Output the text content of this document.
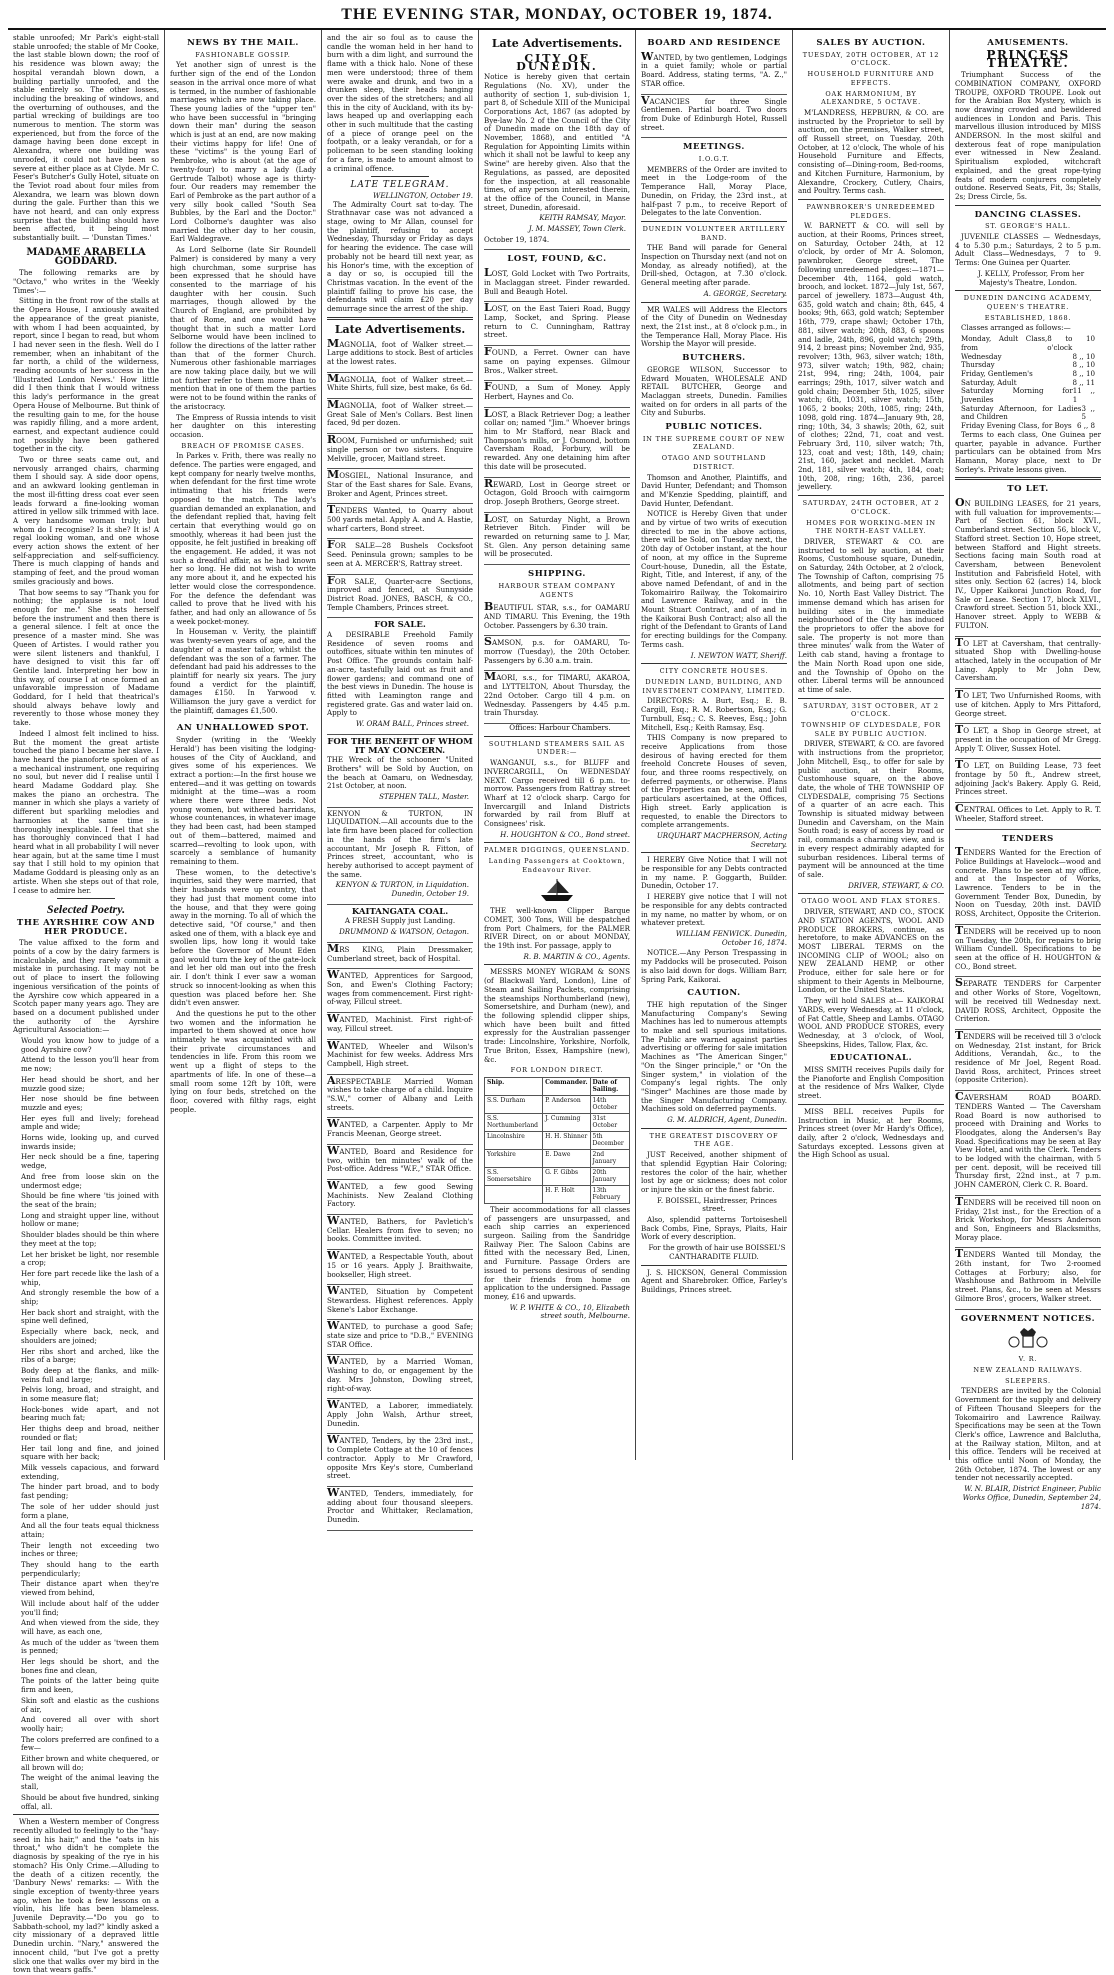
THE EVENING STAR, MONDAY, OCTOBER 19, 1874.

stable unroofed; Mr Park's eight-stall stable unroofed; the stable of Mr Cooke, the last stable blown down; the roof of his residence was blown away; the hospital verandah blown down, a building partially unroofed, and the stable entirely so. The other losses, including the breaking of windows, and the overturning of outhouses, and the partial wrecking of buildings are too numerous to mention. The storm was experienced, but from the force of the damage having been done except in Alexandra, where one building was unroofed, it could not have been so severe at either place as at Clyde. Mr C. Feser's Butcher's Gully Hotel, situate on the Teviot road about four miles from Alexandra, we learn was blown down during the gale. Further than this we have not heard, and can only express surprise that the building should have been affected, it being most substantially built. — 'Dunstan Times.'

MADAME ARABELLA GODDARD.

The following remarks are by "Octavo," who writes in the 'Weekly Times':—

Sitting in the front row of the stalls at the Opera House, I anxiously awaited the appearance of the great pianiste, with whom I had been acquainted, by report, since I began to read, but whom I had never seen in the flesh. Well do I remember, when an inhabitant of the far north, a child of the wilderness, reading accounts of her success in the 'Illustrated London News.' How little did I then think that I would witness this lady's performance in the great Opera House of Melbourne. But think of the resulting gain to me, for the house was rapidly filling, and a more ardent, earnest, and expectant audience could not possibly have been gathered together in the city.

Two or three seats came out, and nervously arranged chairs, charming them I should say. A side door opens, and an awkward looking gentleman in the most ill-fitting dress coat ever seen leads forward a fine-looking woman attired in yellow silk trimmed with lace. A very handsome woman truly; but whom do I recognise? Is it she? It is! A regal looking woman, and one whose every action shows the extent of her self-appreciation and self-sufficiency. There is much clapping of hands and stamping of feet, and the proud woman smiles graciously and bows.

That bow seems to say "Thank you for nothing; the applause is not loud enough for me." She seats herself before the instrument and then there is a general silence. I felt at once the presence of a master mind. She was Queen of Artistes. I would rather you were silent listeners and thankful, I have designed to visit this far off Gentile land. Interpreting her bow in this way, of course I at once formed an unfavorable impression of Madame Goddard, for I held that theatrical's should always behave lowly and reverently to those whose money they take.

Indeed I almost felt inclined to hiss. But the moment the great artiste touched the piano I became her slave. I have heard the pianoforte spoken of as a mechanical instrument, one requiring no soul, but never did I realise until I heard Madame Goddard play. She makes the piano an orchestra. The manner in which she plays a variety of different but sparkling melodies and harmonies at the same time is thoroughly inexplicable. I feel that she has thoroughly convinced that I had heard what in all probability I will never hear again, but at the same time I must say that I still hold to my opinion that Madame Goddard is pleasing only as an artiste. When she steps out of that role, I cease to admire her.

Selected Poetry.
THE AYRSHIRE COW AND HER PRODUCE.

The value affixed to the form and points of a cow by the dairy farmers is incalculable, and they rarely commit a mistake in purchasing. It may not be out of place to insert the following ingenious versification of the points of the Ayrshire cow which appeared in a Scotch paper many years ago. They are based on a document published under the authority of the Ayrshire Agricultural Association:—

Would you know how to judge of a good Ayrshire cow?

Attend to the lesson you'll hear from me now;

Her head should be short, and her muzzle good size;

Her nose should be fine between muzzle and eyes;

Her eyes full and lively; forehead ample and wide;

Horns wide, looking up, and curved inwards inside;

Her neck should be a fine, tapering wedge,

And free from loose skin on the undermost edge;

Should be fine where 'tis joined with the seat of the brain;

Long and straight upper line, without hollow or mane;

Shoulder blades should be thin where they meet at the top;

Let her brisket be light, nor resemble a crop;

Her fore part recede like the lash of a whip,

And strongly resemble the bow of a ship;

Her back short and straight, with the spine well defined,

Especially where back, neck, and shoulders are joined;

Her ribs short and arched, like the ribs of a barge;

Body deep at the flanks, and milk-veins full and large;

Pelvis long, broad, and straight, and in some measure flat;

Hock-bones wide apart, and not bearing much fat;

Her thighs deep and broad, neither rounded or flat;

Her tail long and fine, and joined square with her back;

Milk vessels capacious, and forward extending,

The hinder part broad, and to body fast pending;

The sole of her udder should just form a plane,

And all the four teats equal thickness attain;

Their length not exceeding two inches or three;

They should hang to the earth perpendicularly;

Their distance apart when they're viewed from behind,

Will include about half of the udder you'll find;

And when viewed from the side, they will have, as each one,

As much of the udder as 'tween them is penned;

Her legs should be short, and the bones fine and clean,

The points of the latter being quite firm and keen,

Skin soft and elastic as the cushions of air,

And covered all over with short woolly hair;

The colors preferred are confined to a few—

Either brown and white chequered, or all brown will do;

The weight of the animal leaving the stall,

Should be about five hundred, sinking offal, all.

When a Western member of Congress recently alluded to feelingly to the "hay-seed in his hair," and the "oats in his throat," who didn't he complete the diagnosis by speaking of the rye in his stomach? His Only Crime.—Alluding to the death of a citizen recently, the 'Danbury News' remarks: — With the single exception of twenty-three years ago, when he took a few lessons on a violin, his life has been blameless. Juvenile Depravity.—"Do you go to Sabbath-school, my lad?" kindly asked a city missionary of a depraved little Dunedin urchin. "Nary," answered the innocent child, "but I've got a pretty slick one that walks over my bird in the town that wears gaffs."

NEWS BY THE MAIL.
FASHIONABLE GOSSIP.

Yet another sign of unrest is the further sign of the end of the London season in the arrival once more of what is termed, in the number of fashionable marriages which are now taking place. These young ladies of the "upper ten" who have been successful in "bringing down their man" during the season which is just at an end, are now making their victims happy for life! One of these "victims" is the young Earl of Pembroke, who is about (at the age of twenty-four) to marry a lady (Lady Gertrude Talbot) whose age is thirty-four. Our readers may remember the Earl of Pembroke as the part author of a very silly book called "South Sea Bubbles, by the Earl and the Doctor." Lord Colborne's daughter was also married the other day to her cousin, Earl Waldegrave.

As Lord Selborne (late Sir Roundell Palmer) is considered by many a very high churchman, some surprise has been expressed that he should have consented to the marriage of his daughter with her cousin. Such marriages, though allowed by the Church of England, are prohibited by that of Rome, and one would have thought that in such a matter Lord Selborne would have been inclined to follow the directions of the latter rather than that of the former Church. Numerous other fashionable marriages are now taking place daily, but we will not further refer to them more than to mention that in one of them the parties were not to be found within the ranks of the aristocracy.

The Empress of Russia intends to visit her daughter on this interesting occasion.

BREACH OF PROMISE CASES.

In Parkes v. Frith, there was really no defence. The parties were engaged, and kept company for nearly twelve months, when defendant for the first time wrote intimating that his friends were opposed to the match. The lady's guardian demanded an explanation, and the defendant replied that, having felt certain that everything would go on smoothly, whereas it had been just the opposite, he felt justified in breaking off the engagement. He added, it was not such a dreadful affair, as he had known her so long. He did not wish to write any more about it, and he expected his letter would close the correspondence. For the defence the defendant was called to prove that he lived with his father, and had only an allowance of 5s a week pocket-money.

In Houseman v. Verity, the plaintiff was twenty-seven years of age, and the daughter of a master tailor, whilst the defendant was the son of a farmer. The defendant had paid his addresses to the plaintiff for nearly six years. The jury found a verdict for the plaintiff, damages £150. In Yarwood v. Williamson the jury gave a verdict for the plaintiff, damages £1,500.

AN UNHALLOWED SPOT.

Snyder (writing in the 'Weekly Herald') has been visiting the lodging-houses of the City of Auckland, and gives some of his experiences. We extract a portion:—In the first house we entered—and it was getting on towards midnight at the time—was a room where there were three beds. Not young women, but withered harridans, whose countenances, in whatever image they had been cast, had been stamped out of them—battered, maimed and scarred—revolting to look upon, with scarcely a semblance of humanity remaining to them.

These women, to the detective's inquiries, said they were married, that their husbands were up country, that they had just that moment come into the house, and that they were going away in the morning. To all of which the detective said, "Of course," and then asked one of them, with a black eye and swollen lips, how long it would take before the Governor of Mount Eden gaol would turn the key of the gate-lock and let her old man out into the fresh air. I don't think I ever saw a woman struck so innocent-looking as when this question was placed before her. She didn't even answer.

And the questions he put to the other two women and the information he imparted to them showed at once how intimately he was acquainted with all their private circumstances and tendencies in life. From this room we went up a flight of steps to the apartments of life. In one of these—a small room some 12ft by 10ft, were lying on four beds, stretched on the floor, covered with filthy rags, eight people.

and the air so foul as to cause the candle the woman held in her hand to burn with a dim light, and surround the flame with a thick halo. None of these men were understood; three of them were awake and drunk, and two in a drunken sleep, their heads hanging over the sides of the stretchers; and all this in the city of Auckland, with its by-laws heaped up and overlapping each other in such multitude that the casting of a piece of orange peel on the footpath, or a leaky verandah, or for a policeman to be seen standing looking for a fare, is made to amount almost to a criminal offence.

LATE TELEGRAM.
WELLINGTON, October 19.

The Admiralty Court sat to-day. The Strathnavar case was not advanced a stage, owing to Mr Allan, counsel for the plaintiff, refusing to accept Wednesday, Thursday or Friday as days for hearing the evidence. The case will probably not be heard till next year, as his Honor's time, with the exception of a day or so, is occupied till the Christmas vacation. In the event of the plaintiff failing to prove his case, the defendants will claim £20 per day demurrage since the arrest of the ship.

Late Advertisements.

MAGNOLIA, foot of Walker street.—Large additions to stock. Best of articles at the lowest rates.

MAGNOLIA, foot of Walker street.—White Shirts, full size, best make, 6s 6d.

MAGNOLIA, foot of Walker street.—Great Sale of Men's Collars. Best linen faced, 9d per dozen.

ROOM, Furnished or unfurnished; suit single person or two sisters. Enquire Melville, grocer, Maitland street.

MOSGIEL, National Insurance, and Star of the East shares for Sale. Evans, Broker and Agent, Princes street.

TENDERS Wanted, to Quarry about 500 yards metal. Apply A. and A. Hastie, wharf carters, Bond street.

FOR SALE—28 Bushels Cocksfoot Seed. Peninsula grown; samples to be seen at A. MERCER'S, Rattray street.

FOR SALE, Quarter-acre Sections, improved and fenced, at Sunnyside District Road. JONES, BASCH, & CO., Temple Chambers, Princes street.

FOR SALE.

A DESIRABLE Freehold Family Residence of seven rooms and outoffices, situate within ten minutes of Post Office. The grounds contain half-an-acre, tastefully laid out as fruit and flower gardens; and command one of the best views in Dunedin. The house is fitted with Leamington range and registered grate. Gas and water laid on. Apply to

W. ORAM BALL, Princes street.

FOR THE BENEFIT OF WHOM IT MAY CONCERN.

THE Wreck of the schooner "United Brothers" will be Sold by Auction, on the beach at Oamaru, on Wednesday, 21st October, at noon.

STEPHEN TALL, Master.

KENYON & TURTON, IN LIQUIDATION.—All accounts due to the late firm have been placed for collection in the hands of the firm's late accountant, Mr Joseph R. Fitton, of Princes street, accountant, who is hereby authorised to accept payment of the same.

KENYON & TURTON, in Liquidation. Dunedin, October 19.

KAITANGATA COAL.

A FRESH Supply just Landing.

DRUMMOND & WATSON, Octagon.

MRS KING, Plain Dressmaker, Cumberland street, back of Hospital.

WANTED, Apprentices for Sargood, Son, and Ewen's Clothing Factory; wages from commencement. First right-of-way, Fillcul street.

WANTED, Machinist. First right-of-way, Fillcul street.

WANTED, Wheeler and Wilson's Machinist for few weeks. Address Mrs Campbell, High street.

ARESPECTABLE Married Woman wishes to take charge of a child. Inquire "S.W.," corner of Albany and Leith streets.

WANTED, a Carpenter. Apply to Mr Francis Meenan, George street.

WANTED, Board and Residence for two, within ten minutes' walk of the Post-office. Address "W.F.," STAR Office.

WANTED, a few good Sewing Machinists. New Zealand Clothing Factory.

WANTED, Bathers, for Pavletich's Cellar. Healers from five to seven; no books. Committee invited.

WANTED, a Respectable Youth, about 15 or 16 years. Apply J. Braithwaite, bookseller, High street.

WANTED, Situation by Competent Stewardess. Highest references. Apply Skene's Labor Exchange.

WANTED, to purchase a good Safe; state size and price to "D.B.," EVENING STAR Office.

WANTED, by a Married Woman, Washing to do, or engagement by the day. Mrs Johnston, Dowling street, right-of-way.

WANTED, a Laborer, immediately. Apply John Walsh, Arthur street, Dunedin.

WANTED, Tenders, by the 23rd inst., to Complete Cottage at the 10 of fences contractor. Apply to Mr Crawford, opposite Mrs Key's store, Cumberland street.

WANTED, Tenders, immediately, for adding about four thousand sleepers. Proctor and Whittaker, Reclamation, Dunedin.

Late Advertisements.
CITY OF DUNEDIN.

Notice is hereby given that certain Regulations (No. XV), under the authority of section 1, sub-division 1, part 8, of Schedule XIII of the Municipal Corporations Act, 1867 (as adopted by Bye-law No. 2 of the Council of the City of Dunedin made on the 18th day of November, 1868), and entitled "A Regulation for Appointing Limits within which it shall not be lawful to keep any Swine" are hereby given. Also that the Regulations, as passed, are deposited for the inspection, at all reasonable times, of any person interested therein, at the office of the Council, in Manse street, Dunedin, aforesaid.

KEITH RAMSAY, Mayor.

J. M. MASSEY, Town Clerk.

October 19, 1874.

LOST, FOUND, &C.

LOST, Gold Locket with Two Portraits, in Maclaggan street. Finder rewarded. Bull and Beaugh Hotel.

LOST, on the East Taieri Road, Buggy Lamp, Socket, and Spring. Please return to C. Cunningham, Rattray street.

FOUND, a Ferret. Owner can have same on paying expenses. Gilmour Bros., Walker street.

FOUND, a Sum of Money. Apply Herbert, Haynes and Co.

LOST, a Black Retriever Dog; a leather collar on; named "Jim." Whoever brings him to Mr Stafford, near Black and Thompson's mills, or J. Osmond, bottom Caversham Road, Forbury, will be rewarded. Any one detaining him after this date will be prosecuted.

REWARD, Lost in George street or Octagon, Gold Brooch with cairngorm drop. Joseph Brothers, George street.

LOST, on Saturday Night, a Brown Retriever Bitch. Finder will be rewarded on returning same to J. Mar, St. Glen. Any person detaining same will be prosecuted.

SHIPPING.
HARBOUR STEAM COMPANY AGENTS

BEAUTIFUL STAR, s.s., for OAMARU AND TIMARU. This Evening, the 19th October. Passengers by 6.30 train.

SAMSON, p.s. for OAMARU, To-morrow (Tuesday), the 20th October. Passengers by 6.30 a.m. train.

MAORI, s.s., for TIMARU, AKAROA, and LYTTELTON, About Thursday, the 22nd October. Cargo till 4 p.m. on Wednesday. Passengers by 4.45 p.m. train Thursday.

Offices: Harbour Chambers.

SOUTHLAND STEAMERS SAIL AS UNDER:—

WANGANUI, s.s., for BLUFF and INVERCARGILL, On WEDNESDAY NEXT. Cargo received till 6 p.m. to-morrow. Passengers from Rattray street Wharf at 12 o'clock sharp. Cargo for Invercargill and Inland Districts forwarded by rail from Bluff at Consignees' risk.

H. HOUGHTON & CO., Bond street.

PALMER DIGGINGS, QUEENSLAND.
Landing Passengers at Cooktown, Endeavour River.

THE well-known Clipper Barque COMET, 300 Tons, Will be despatched from Port Chalmers, for the PALMER RIVER Direct, on or about MONDAY, the 19th inst. For passage, apply to

R. B. MARTIN & CO., Agents.

MESSRS MONEY WIGRAM & SONS (of Blackwall Yard, London), Line of Steam and Sailing Packets, comprising the steamships Northumberland (new), Somersetshire, and Durham (new), and the following splendid clipper ships, which have been built and fitted expressly for the Australian passenger trade: Lincolnshire, Yorkshire, Norfolk, True Briton, Essex, Hampshire (new), &c.

FOR LONDON DIRECT.
Ship.	Commander.	Date of Sailing.
S.S. Durham	P. Anderson	14th October
S.S. Northumberland	J. Cumming	31st October
Lincolnshire	H. H. Shinner	5th December
Yorkshire	E. Dawe	2nd January
S.S. Somersetshire	G. F. Gibbs	20th January
	H. F. Holt	13th February

Their accommodations for all classes of passengers are unsurpassed, and each ship carries an experienced surgeon. Sailing from the Sandridge Railway Pier. The Saloon Cabins are fitted with the necessary Bed, Linen, and Furniture. Passage Orders are issued to persons desirous of sending for their friends from home on application to the undersigned. Passage money, £16 and upwards.

W. P. WHITE & CO., 10, Elizabeth street south, Melbourne.

BOARD AND RESIDENCE

WANTED, by two gentlemen, Lodgings in a quiet family; whole or partial Board. Address, stating terms, "A. Z.," STAR office.

VACANCIES for three Single Gentlemen. Partial board. Two doors from Duke of Edinburgh Hotel, Russell street.

MEETINGS.
I.O.G.T.

MEMBERS of the Order are invited to meet in the Lodge-room of the Temperance Hall, Moray Place, Dunedin, on Friday, the 23rd inst., at half-past 7 p.m., to receive Report of Delegates to the late Convention.

DUNEDIN VOLUNTEER ARTILLERY BAND.

THE Band will parade for General Inspection on Thursday next (and not on Monday, as already notified), at the Drill-shed, Octagon, at 7.30 o'clock. General meeting after parade.

A. GEORGE, Secretary.

MR WALES will Address the Electors of the City of Dunedin on Wednesday next, the 21st inst., at 8 o'clock p.m., in the Temperance Hall, Moray Place. His Worship the Mayor will preside.

BUTCHERS.

GEORGE WILSON, Successor to Edward Mouaten, WHOLESALE AND RETAIL BUTCHER, George and Maclaggan streets, Dunedin. Families waited on for orders in all parts of the City and Suburbs.

PUBLIC NOTICES.
IN THE SUPREME COURT OF NEW ZEALAND.
OTAGO AND SOUTHLAND DISTRICT.

Thomson and Another, Plaintiffs, and David Hunter, Defendant; and Thomson and M'Kenzie Spedding, plaintiff, and David Hunter, Defendant.

NOTICE is Hereby Given that under and by virtue of two writs of execution directed to me in the above actions, there will be Sold, on Tuesday next, the 20th day of October instant, at the hour of noon, at my office in the Supreme Court-house, Dunedin, all the Estate, Right, Title, and Interest, if any, of the above named Defendant, of and in the Tokomairiro Railway, the Tokomairiro and Lawrence Railway, and in the Mount Stuart Contract, and of and in the Kaikorai Bush Contract; also all the right of the Defendant to Grants of Land for erecting buildings for the Company. Terms cash.

I. NEWTON WATT, Sheriff.

CITY CONCRETE HOUSES.
DUNEDIN LAND, BUILDING, AND INVESTMENT COMPANY, LIMITED.

DIRECTORS: A. Burt, Esq.; E. B. Cargill, Esq.; R. M. Robertson, Esq.; G. Turnbull, Esq.; C. S. Reeves, Esq.; John Mitchell, Esq.; Keith Ramsay, Esq.

THIS Company is now prepared to receive Applications from those desirous of having erected for them freehold Concrete Houses of seven, four, and three rooms respectively, on deferred payments, or otherwise. Plans of the Properties can be seen, and full particulars ascertained, at the Offices, High street. Early application is requested, to enable the Directors to complete arrangements.

URQUHART MACPHERSON, Acting Secretary.

I HEREBY Give Notice that I will not be responsible for any Debts contracted in my name. P. Goggarth, Builder. Dunedin, October 17.

I HEREBY give notice that I will not be responsible for any debts contracted in my name, no matter by whom, or on whatever pretext.

WILLIAM FENWICK. Dunedin, October 16, 1874.

NOTICE.—Any Person Trespassing in my Paddocks will be prosecuted. Poison is also laid down for dogs. William Barr, Spring Park, Kaikorai.

CAUTION.

THE high reputation of the Singer Manufacturing Company's Sewing Machines has led to numerous attempts to make and sell spurious imitations. The Public are warned against parties advertising or offering for sale imitation Machines as "The American Singer," "On the Singer principle," or "On the Singer system," in violation of the Company's legal rights. The only "Singer" Machines are those made by the Singer Manufacturing Company. Machines sold on deferred payments.

G. M. ALDRICH, Agent, Dunedin.

THE GREATEST DISCOVERY OF THE AGE.

JUST Received, another shipment of that splendid Egyptian Hair Coloring; restores the color of the hair, whether lost by age or sickness; does not color or injure the skin or the finest fabric.

F. BOISSEL, Hairdresser, Princes street.

Also, splendid patterns Tortoiseshell Back Combs, Fine, Sprays, Plaits, Hair Work of every description.

For the growth of hair use BOISSEL'S CANTHARADITE FLUID.

J. S. HICKSON, General Commission Agent and Sharebroker. Office, Farley's Buildings, Princes street.

SALES BY AUCTION.
TUESDAY, 20TH OCTOBER, AT 12 O'CLOCK.
HOUSEHOLD FURNITURE AND EFFECTS.
OAK HARMONIUM, BY ALEXANDRE, 5 OCTAVE.

M'LANDRESS, HEPBURN, & CO. are instructed by the Proprietor to sell by auction, on the premises, Walker street, off Russell street, on Tuesday, 20th October, at 12 o'clock, The whole of his Household Furniture and Effects, consisting of—Dining-room, Bed-rooms, and Kitchen Furniture, Harmonium, by Alexandre, Crockery, Cutlery, Chairs, and Poultry. Terms cash.

PAWNBROKER'S UNREDEEMED PLEDGES.

W. BARNETT & CO. will sell by auction, at their Rooms, Princes street, on Saturday, October 24th, at 12 o'clock, by order of Mr A. Solomon, pawnbroker, George street, The following unredeemed pledges:—1871—December 4th, 1164, gold watch, brooch, and locket. 1872—July 1st, 567, parcel of jewellery. 1873—August 4th, 635, gold watch and chain; 8th, 645, 4 books; 9th, 663, gold watch; September 16th, 779, crape shawl; October 17th, 881, silver watch; 20th, 883, 6 spoons and ladle, 24th, 896, gold watch; 29th, 914, 2 breast pins; November 2nd, 935, revolver; 13th, 963, silver watch; 18th, 973, silver watch; 19th, 982, chain; 21st, 994, ring; 24th, 1004, pair earrings; 29th, 1017, silver watch and gold chain; December 5th, 1025, silver watch; 6th, 1031, silver watch; 15th, 1065, 2 books; 20th, 1085, ring; 24th, 1098, gold ring. 1874—January 9th, 28, ring; 10th, 34, 3 shawls; 20th, 62, suit of clothes; 22nd, 71, coat and vest. February 3rd, 110, silver watch; 7th, 123, coat and vest; 18th, 149, chain; 21st, 160, jacket and necklet. March 2nd, 181, silver watch; 4th, 184, coat; 10th, 208, ring; 16th, 236, parcel jewellery.

SATURDAY, 24TH OCTOBER, AT 2 O'CLOCK.
HOMES FOR WORKING-MEN IN THE NORTH-EAST VALLEY.

DRIVER, STEWART & CO. are instructed to sell by auction, at their Rooms, Customhouse square, Dunedin, on Saturday, 24th October, at 2 o'clock, The Township of Cafton, comprising 75 allotments, and being part of section No. 10, North East Valley District. The immense demand which has arisen for building sites in the immediate neighbourhood of the City has induced the proprietors to offer the above for sale. The property is not more than three minutes' walk from the Water of Leith cab stand, having a frontage to the Main North Road upon one side, and the Township of Opoho on the other. Liberal terms will be announced at time of sale.

SATURDAY, 31ST OCTOBER, AT 2 O'CLOCK.
TOWNSHIP OF CLYDESDALE, FOR SALE BY PUBLIC AUCTION.

DRIVER, STEWART, & CO. are favored with instructions from the proprietor, John Mitchell, Esq., to offer for sale by public auction, at their Rooms, Customhouse square, on the above date, the whole of THE TOWNSHIP OF CLYDESDALE, comprising 75 Sections of a quarter of an acre each. This Township is situated midway between Dunedin and Caversham, on the Main South road; is easy of access by road or rail, commands a charming view, and is in every respect admirably adapted for suburban residences. Liberal terms of payment will be announced at the time of sale.

DRIVER, STEWART, & CO.

OTAGO WOOL AND FLAX STORES.

DRIVER, STEWART, AND CO., STOCK AND STATION AGENTS, WOOL AND PRODUCE BROKERS, continue, as heretofore, to make ADVANCES on the MOST LIBERAL TERMS on the INCOMING CLIP of WOOL; also on NEW ZEALAND HEMP, or other Produce, either for sale here or for shipment to their Agents in Melbourne, London, or the United States.

They will hold SALES at— KAIKORAI YARDS, every Wednesday, at 11 o'clock, of Fat Cattle, Sheep and Lambs. OTAGO WOOL AND PRODUCE STORES, every Wednesday, at 3 o'clock, of Wool, Sheepskins, Hides, Tallow, Flax, &c.

EDUCATIONAL.

MISS SMITH receives Pupils daily for the Pianoforte and English Composition at the residence of Mrs Walker, Clyde street.

MISS BELL receives Pupils for Instruction in Music, at her Rooms, Princes street (over Mr Hardy's Office), daily, after 2 o'clock, Wednesdays and Saturdays excepted. Lessons given at the High School as usual.

AMUSEMENTS.
PRINCESS THEATRE.

Triumphant Success of the COMBINATION COMPANY, OXFORD TROUPE, OXFORD TROUPE. Look out for the Arabian Box Mystery, which is now drawing crowded and bewildered audiences in London and Paris. This marvellous illusion introduced by MISS ANDERSON. In the most skilful and dexterous feat of rope manipulation ever witnessed in New Zealand. Spiritualism exploded, witchcraft explained, and the great rope-tying feats of modern conjurers completely outdone. Reserved Seats, Fit, 3s; Stalls, 2s; Dress Circle, 5s.

DANCING CLASSES.
ST. GEORGE'S HALL.

JUVENILE CLASSES — Wednesdays, 4 to 5.30 p.m.; Saturdays, 2 to 5 p.m. Adult Class—Wednesdays, 7 to 9. Terms: One Guinea per Quarter.

J. KELLY, Professor, From her Majesty's Theatre, London.

DUNEDIN DANCING ACADEMY, QUEEN'S THEATRE.
ESTABLISHED, 1868.

Classes arranged as follows:—

Monday, Adult Class, from
8 to 10 o'clock
Wednesday	8 ,, 10
Thursday	8 ,, 10
Friday, Gentlemen's	8 ,, 10
Saturday, Adult	8 ,, 11
Saturday Morning for Juveniles
11 ,, 1
Saturday Afternoon, for Ladies and Children
3 ,, 5
Friday Evening Class, for Boys 6 ,, 8

Terms to each class, One Guinea per quarter, payable in advance. Further particulars can be obtained from Mrs Hamann, Moray place, next to Dr Sorley's. Private lessons given.

TO LET.

ON BUILDING LEASES, for 21 years, with full valuation for improvements:—Part of Section 61, block XVI., Cumberland street. Section 56, block V., Stafford street. Section 10, Hope street, between Stafford and Hight streets. Sections facing main South road at Caversham, between Benevolent Institution and Fabrisfield Hotel, with sites only. Section 62 (acres) 14, block IV., Upper Kaikorai Junction Road, for Sale or Lease. Section 17, block XLVI., Crawford street. Section 51, block XXI., Hanover street. Apply to WEBB & FULTON.

TO LET at Caversham, that centrally-situated Shop with Dwelling-house attached, lately in the occupation of Mr Laing. Apply to Mr John Dew, Caversham.

TO LET, Two Unfurnished Rooms, with use of kitchen. Apply to Mrs Pittaford, George street.

TO LET, a Shop in George street, at present in the occupation of Mr Gregg. Apply T. Oliver, Sussex Hotel.

TO LET, on Building Lease, 73 feet frontage by 50 ft., Andrew street, adjoining Jack's Bakery. Apply G. Reid, Princes street.

CENTRAL Offices to Let. Apply to R. T. Wheeler, Stafford street.

TENDERS

TENDERS Wanted for the Erection of Police Buildings at Havelock—wood and concrete. Plans to be seen at my office, and at the Inspector of Works, Lawrence. Tenders to be in the Government Tender Box, Dunedin, by Noon on Tuesday, 20th inst. DAVID ROSS, Architect, Opposite the Criterion.

TENDERS will be received up to noon on Tuesday, the 20th, for repairs to brig William Cundell. Specifications to be seen at the office of H. HOUGHTON & CO., Bond street.

SEPARATE TENDERS for Carpenter and other Works of Store, Vogeltown, will be received till Wednesday next. DAVID ROSS, Architect, Opposite the Criterion.

TENDERS will be received till 3 o'clock on Wednesday, 21st instant, for Brick Additions, Verandah, &c., to the residence of Mr Joel, Regent Road. David Ross, architect, Princes street (opposite Criterion).

CAVERSHAM ROAD BOARD. TENDERS Wanted — The Caversham Road Board is now authorised to proceed with Draining and Works to Floodgates, along the Andersen's Bay Road. Specifications may be seen at Bay View Hotel, and with the Clerk. Tenders to be lodged with the chairman, with 5 per cent. deposit, will be received till Thursday first, 22nd inst., at 7 p.m. JOHN CAMERON, Clerk C. R. Board.

TENDERS will be received till noon on Friday, 21st inst., for the Erection of a Brick Workshop, for Messrs Anderson and Son, Engineers and Blacksmiths, Moray place.

TENDERS Wanted till Monday, the 26th instant, for Two 2-roomed Cottages at Forbury; also, for Washhouse and Bathroom in Melville street. Plans, &c., to be seen at Messrs Gilmore Bros', grocers, Walker street.

GOVERNMENT NOTICES.
V. R.
NEW ZEALAND RAILWAYS.
SLEEPERS.

TENDERS are invited by the Colonial Government for the supply and delivery of Fifteen Thousand Sleepers for the Tokomairiro and Lawrence Railway. Specifications may be seen at the Town Clerk's office, Lawrence and Balclutha, at the Railway station, Milton, and at this office. Tenders will be received at this office until Noon of Monday, the 26th October, 1874. The lowest or any tender not necessarily accepted.

W. N. BLAIR, District Engineer, Public Works Office, Dunedin, September 24, 1874.
